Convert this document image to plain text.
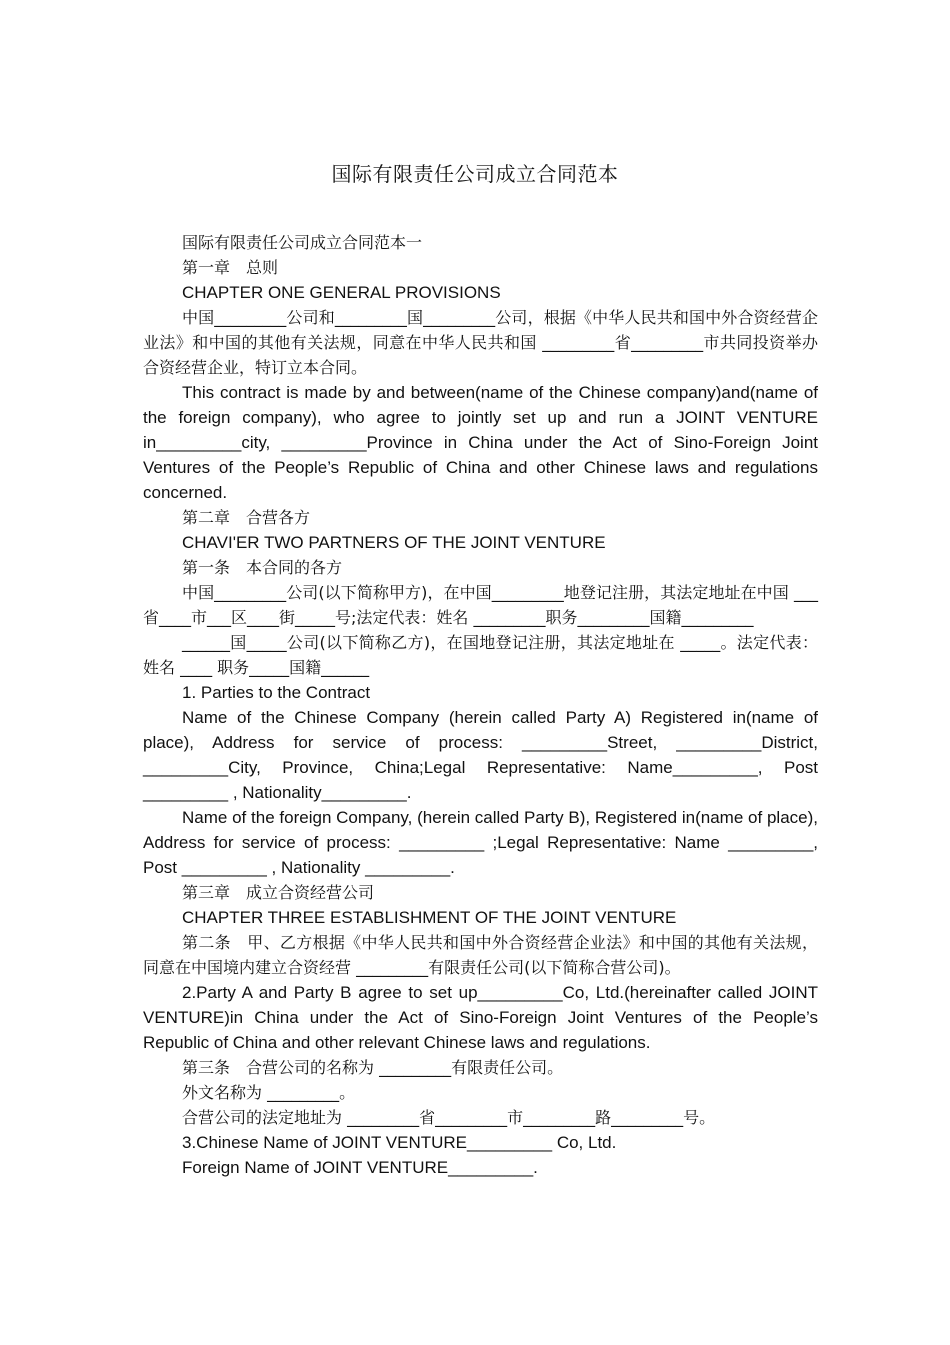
国际有限责任公司成立合同范本

国际有限责任公司成立合同范本一

第一章　总则

CHAPTER ONE GENERAL PROVISIONS

中国_________公司和_________国_________公司，根据《中华人民共和国中外合资经营企业法》和中国的其他有关法规，同意在中华人民共和国 _________省_________市共同投资举办合资经营企业，特订立本合同。

This contract is made by and between(name of the Chinese company)and(name of the foreign company), who agree to jointly set up and run a JOINT VENTURE in_________city, _________Province in China under the Act of Sino-Foreign Joint Ventures of the People’s Republic of China and other Chinese laws and regulations concerned.

第二章　合营各方

CHAVI'ER TWO PARTNERS OF THE JOINT VENTURE

第一条　本合同的各方

中国_________公司(以下简称甲方)，在中国_________地登记注册，其法定地址在中国 ___省____市___区____街_____号;法定代表：姓名 _________职务_________国籍_________

______国_____公司(以下简称乙方)，在国地登记注册，其法定地址在 _____。法定代表：姓名 ____ 职务_____国籍______

1. Parties to the Contract

Name of the Chinese Company (herein called Party A) Registered in(name of place), Address for service of process: _________Street, _________District, _________City, Province, China;Legal Representative: Name_________, Post _________ , Nationality_________.

Name of the foreign Company, (herein called Party B), Registered in(name of place), Address for service of process: _________ ;Legal Representative: Name _________, Post _________ , Nationality _________.

第三章　成立合资经营公司

CHAPTER THREE ESTABLISHMENT OF THE JOINT VENTURE

第二条　甲、乙方根据《中华人民共和国中外合资经营企业法》和中国的其他有关法规，同意在中国境内建立合资经营 _________有限责任公司(以下简称合营公司)。

2.Party A and Party B agree to set up_________Co, Ltd.(hereinafter called JOINT VENTURE)in China under the Act of Sino-Foreign Joint Ventures of the People’s Republic of China and other relevant Chinese laws and regulations.

第三条　合营公司的名称为 _________有限责任公司。

外文名称为 _________。

合营公司的法定地址为 _________省_________市_________路_________号。

3.Chinese Name of JOINT VENTURE_________ Co, Ltd.

Foreign Name of JOINT VENTURE_________.
